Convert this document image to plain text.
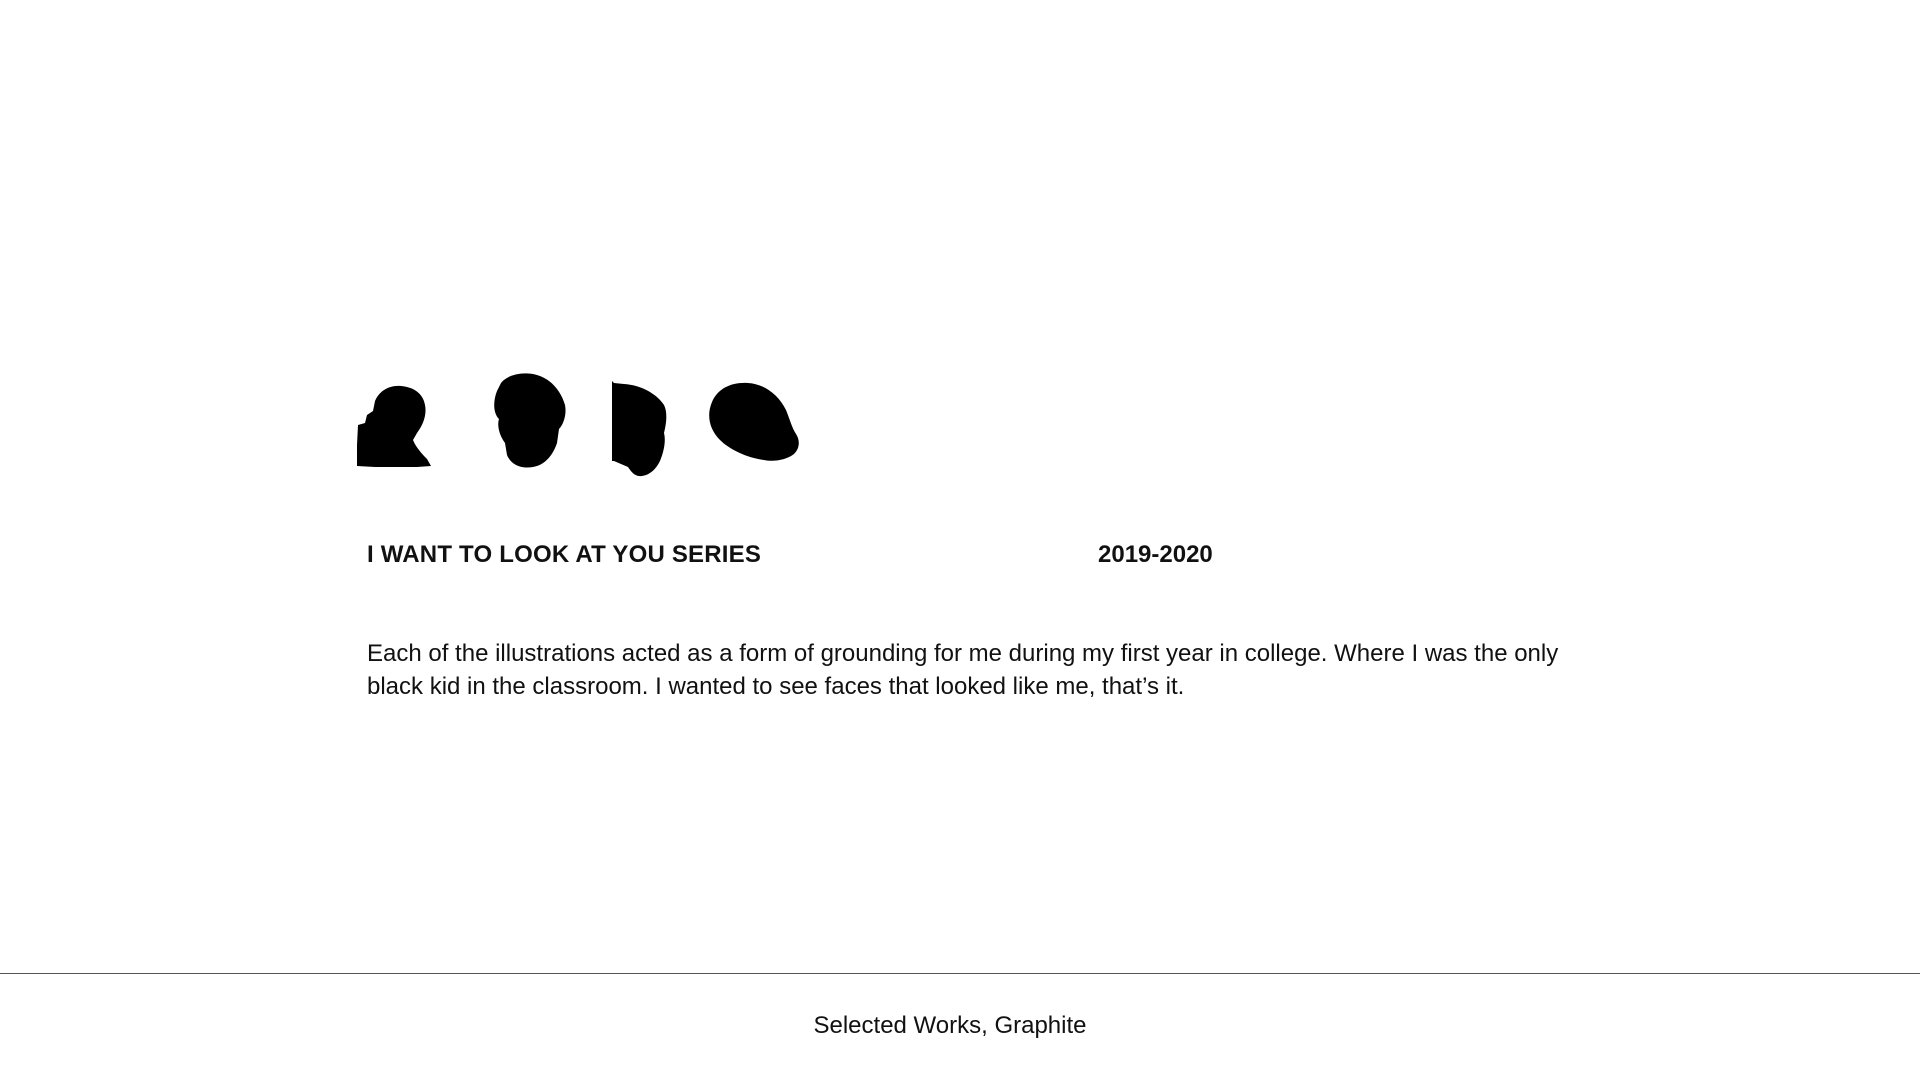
I WANT TO LOOK AT YOU SERIES	2019-2020

Each of the illustrations acted as a form of grounding for me during my first year in college. Where I was the only black kid in the classroom. I wanted to see faces that looked like me, that’s it.

Selected Works, Graphite
